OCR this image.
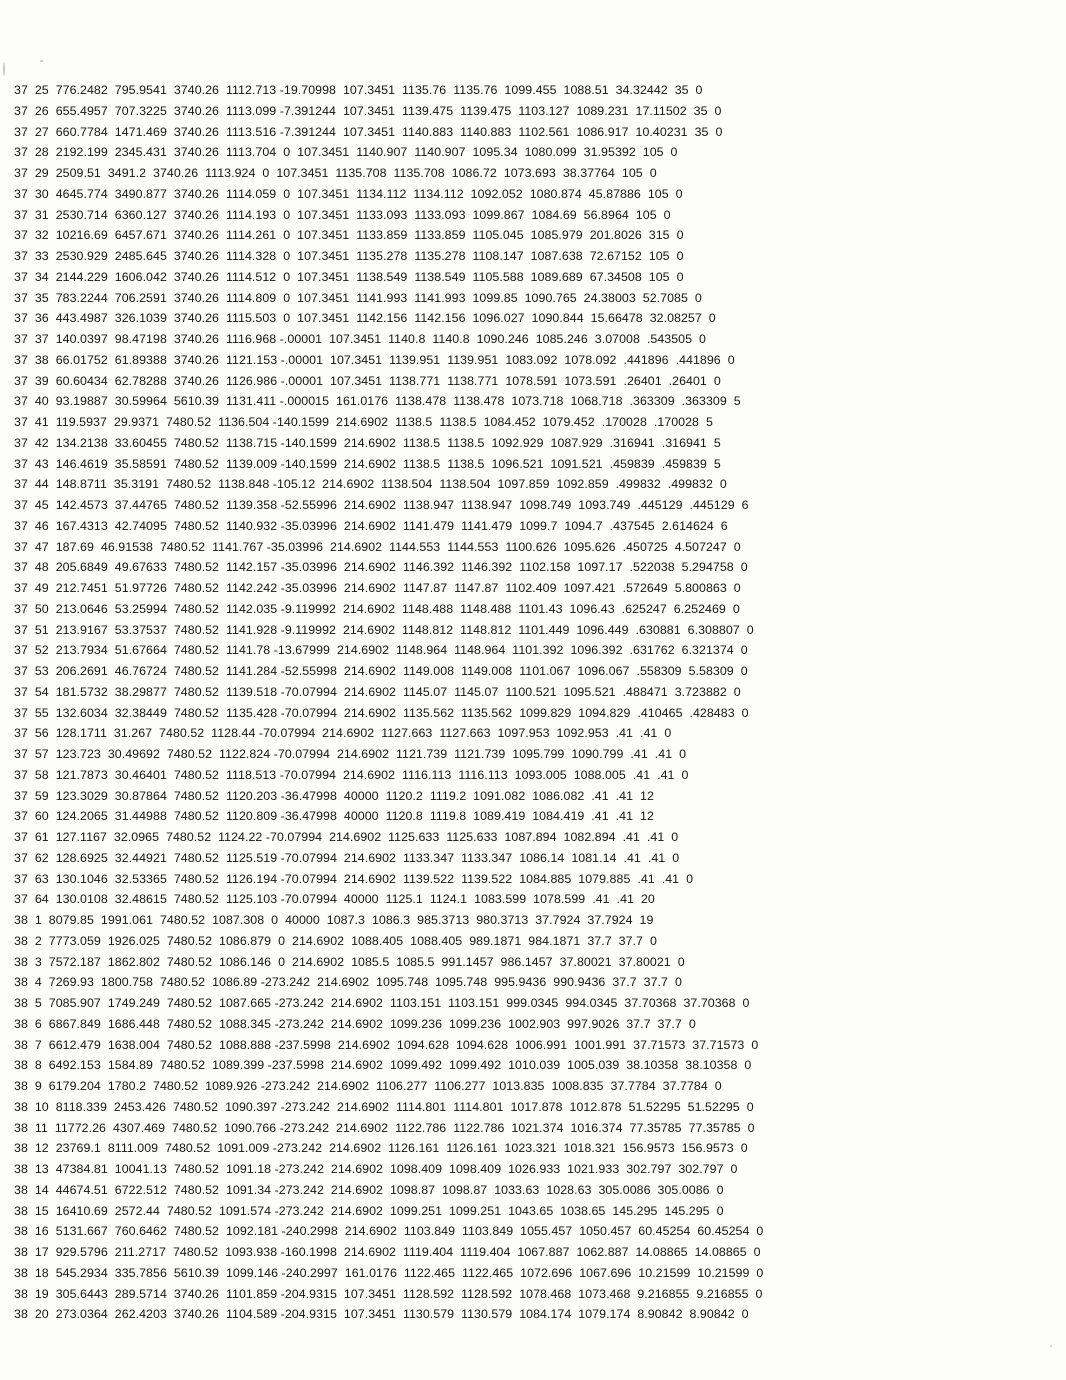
37  25  776.2482  795.9541  3740.26  1112.713 -19.70998  107.3451  1135.76  1135.76  1099.455  1088.51  34.32442  35  0
37  26  655.4957  707.3225  3740.26  1113.099 -7.391244  107.3451  1139.475  1139.475  1103.127  1089.231  17.11502  35  0
37  27  660.7784  1471.469  3740.26  1113.516 -7.391244  107.3451  1140.883  1140.883  1102.561  1086.917  10.40231  35  0
37  28  2192.199  2345.431  3740.26  1113.704  0  107.3451  1140.907  1140.907  1095.34  1080.099  31.95392  105  0
37  29  2509.51  3491.2  3740.26  1113.924  0  107.3451  1135.708  1135.708  1086.72  1073.693  38.37764  105  0
37  30  4645.774  3490.877  3740.26  1114.059  0  107.3451  1134.112  1134.112  1092.052  1080.874  45.87886  105  0
37  31  2530.714  6360.127  3740.26  1114.193  0  107.3451  1133.093  1133.093  1099.867  1084.69  56.8964  105  0
37  32  10216.69  6457.671  3740.26  1114.261  0  107.3451  1133.859  1133.859  1105.045  1085.979  201.8026  315  0
37  33  2530.929  2485.645  3740.26  1114.328  0  107.3451  1135.278  1135.278  1108.147  1087.638  72.67152  105  0
37  34  2144.229  1606.042  3740.26  1114.512  0  107.3451  1138.549  1138.549  1105.588  1089.689  67.34508  105  0
37  35  783.2244  706.2591  3740.26  1114.809  0  107.3451  1141.993  1141.993  1099.85  1090.765  24.38003  52.7085  0
37  36  443.4987  326.1039  3740.26  1115.503  0  107.3451  1142.156  1142.156  1096.027  1090.844  15.66478  32.08257  0
37  37  140.0397  98.47198  3740.26  1116.968 -.00001  107.3451  1140.8  1140.8  1090.246  1085.246  3.07008  .543505  0
37  38  66.01752  61.89388  3740.26  1121.153 -.00001  107.3451  1139.951  1139.951  1083.092  1078.092  .441896  .441896  0
37  39  60.60434  62.78288  3740.26  1126.986 -.00001  107.3451  1138.771  1138.771  1078.591  1073.591  .26401  .26401  0
37  40  93.19887  30.59964  5610.39  1131.411 -.000015  161.0176  1138.478  1138.478  1073.718  1068.718  .363309  .363309  5
37  41  119.5937  29.9371  7480.52  1136.504 -140.1599  214.6902  1138.5  1138.5  1084.452  1079.452  .170028  .170028  5
37  42  134.2138  33.60455  7480.52  1138.715 -140.1599  214.6902  1138.5  1138.5  1092.929  1087.929  .316941  .316941  5
37  43  146.4619  35.58591  7480.52  1139.009 -140.1599  214.6902  1138.5  1138.5  1096.521  1091.521  .459839  .459839  5
37  44  148.8711  35.3191  7480.52  1138.848 -105.12  214.6902  1138.504  1138.504  1097.859  1092.859  .499832  .499832  0
37  45  142.4573  37.44765  7480.52  1139.358 -52.55996  214.6902  1138.947  1138.947  1098.749  1093.749  .445129  .445129  6
37  46  167.4313  42.74095  7480.52  1140.932 -35.03996  214.6902  1141.479  1141.479  1099.7  1094.7  .437545  2.614624  6
37  47  187.69  46.91538  7480.52  1141.767 -35.03996  214.6902  1144.553  1144.553  1100.626  1095.626  .450725  4.507247  0
37  48  205.6849  49.67633  7480.52  1142.157 -35.03996  214.6902  1146.392  1146.392  1102.158  1097.17  .522038  5.294758  0
37  49  212.7451  51.97726  7480.52  1142.242 -35.03996  214.6902  1147.87  1147.87  1102.409  1097.421  .572649  5.800863  0
37  50  213.0646  53.25994  7480.52  1142.035 -9.119992  214.6902  1148.488  1148.488  1101.43  1096.43  .625247  6.252469  0
37  51  213.9167  53.37537  7480.52  1141.928 -9.119992  214.6902  1148.812  1148.812  1101.449  1096.449  .630881  6.308807  0
37  52  213.7934  51.67664  7480.52  1141.78 -13.67999  214.6902  1148.964  1148.964  1101.392  1096.392  .631762  6.321374  0
37  53  206.2691  46.76724  7480.52  1141.284 -52.55998  214.6902  1149.008  1149.008  1101.067  1096.067  .558309  5.58309  0
37  54  181.5732  38.29877  7480.52  1139.518 -70.07994  214.6902  1145.07  1145.07  1100.521  1095.521  .488471  3.723882  0
37  55  132.6034  32.38449  7480.52  1135.428 -70.07994  214.6902  1135.562  1135.562  1099.829  1094.829  .410465  .428483  0
37  56  128.1711  31.267  7480.52  1128.44 -70.07994  214.6902  1127.663  1127.663  1097.953  1092.953  .41  .41  0
37  57  123.723  30.49692  7480.52  1122.824 -70.07994  214.6902  1121.739  1121.739  1095.799  1090.799  .41  .41  0
37  58  121.7873  30.46401  7480.52  1118.513 -70.07994  214.6902  1116.113  1116.113  1093.005  1088.005  .41  .41  0
37  59  123.3029  30.87864  7480.52  1120.203 -36.47998  40000  1120.2  1119.2  1091.082  1086.082  .41  .41  12
37  60  124.2065  31.44988  7480.52  1120.809 -36.47998  40000  1120.8  1119.8  1089.419  1084.419  .41  .41  12
37  61  127.1167  32.0965  7480.52  1124.22 -70.07994  214.6902  1125.633  1125.633  1087.894  1082.894  .41  .41  0
37  62  128.6925  32.44921  7480.52  1125.519 -70.07994  214.6902  1133.347  1133.347  1086.14  1081.14  .41  .41  0
37  63  130.1046  32.53365  7480.52  1126.194 -70.07994  214.6902  1139.522  1139.522  1084.885  1079.885  .41  .41  0
37  64  130.0108  32.48615  7480.52  1125.103 -70.07994  40000  1125.1  1124.1  1083.599  1078.599  .41  .41  20
38  1  8079.85  1991.061  7480.52  1087.308  0  40000  1087.3  1086.3  985.3713  980.3713  37.7924  37.7924  19
38  2  7773.059  1926.025  7480.52  1086.879  0  214.6902  1088.405  1088.405  989.1871  984.1871  37.7  37.7  0
38  3  7572.187  1862.802  7480.52  1086.146  0  214.6902  1085.5  1085.5  991.1457  986.1457  37.80021  37.80021  0
38  4  7269.93  1800.758  7480.52  1086.89 -273.242  214.6902  1095.748  1095.748  995.9436  990.9436  37.7  37.7  0
38  5  7085.907  1749.249  7480.52  1087.665 -273.242  214.6902  1103.151  1103.151  999.0345  994.0345  37.70368  37.70368  0
38  6  6867.849  1686.448  7480.52  1088.345 -273.242  214.6902  1099.236  1099.236  1002.903  997.9026  37.7  37.7  0
38  7  6612.479  1638.004  7480.52  1088.888 -237.5998  214.6902  1094.628  1094.628  1006.991  1001.991  37.71573  37.71573  0
38  8  6492.153  1584.89  7480.52  1089.399 -237.5998  214.6902  1099.492  1099.492  1010.039  1005.039  38.10358  38.10358  0
38  9  6179.204  1780.2  7480.52  1089.926 -273.242  214.6902  1106.277  1106.277  1013.835  1008.835  37.7784  37.7784  0
38  10  8118.339  2453.426  7480.52  1090.397 -273.242  214.6902  1114.801  1114.801  1017.878  1012.878  51.52295  51.52295  0
38  11  11772.26  4307.469  7480.52  1090.766 -273.242  214.6902  1122.786  1122.786  1021.374  1016.374  77.35785  77.35785  0
38  12  23769.1  8111.009  7480.52  1091.009 -273.242  214.6902  1126.161  1126.161  1023.321  1018.321  156.9573  156.9573  0
38  13  47384.81  10041.13  7480.52  1091.18 -273.242  214.6902  1098.409  1098.409  1026.933  1021.933  302.797  302.797  0
38  14  44674.51  6722.512  7480.52  1091.34 -273.242  214.6902  1098.87  1098.87  1033.63  1028.63  305.0086  305.0086  0
38  15  16410.69  2572.44  7480.52  1091.574 -273.242  214.6902  1099.251  1099.251  1043.65  1038.65  145.295  145.295  0
38  16  5131.667  760.6462  7480.52  1092.181 -240.2998  214.6902  1103.849  1103.849  1055.457  1050.457  60.45254  60.45254  0
38  17  929.5796  211.2717  7480.52  1093.938 -160.1998  214.6902  1119.404  1119.404  1067.887  1062.887  14.08865  14.08865  0
38  18  545.2934  335.7856  5610.39  1099.146 -240.2997  161.0176  1122.465  1122.465  1072.696  1067.696  10.21599  10.21599  0
38  19  305.6443  289.5714  3740.26  1101.859 -204.9315  107.3451  1128.592  1128.592  1078.468  1073.468  9.216855  9.216855  0
38  20  273.0364  262.4203  3740.26  1104.589 -204.9315  107.3451  1130.579  1130.579  1084.174  1079.174  8.90842  8.90842  0
